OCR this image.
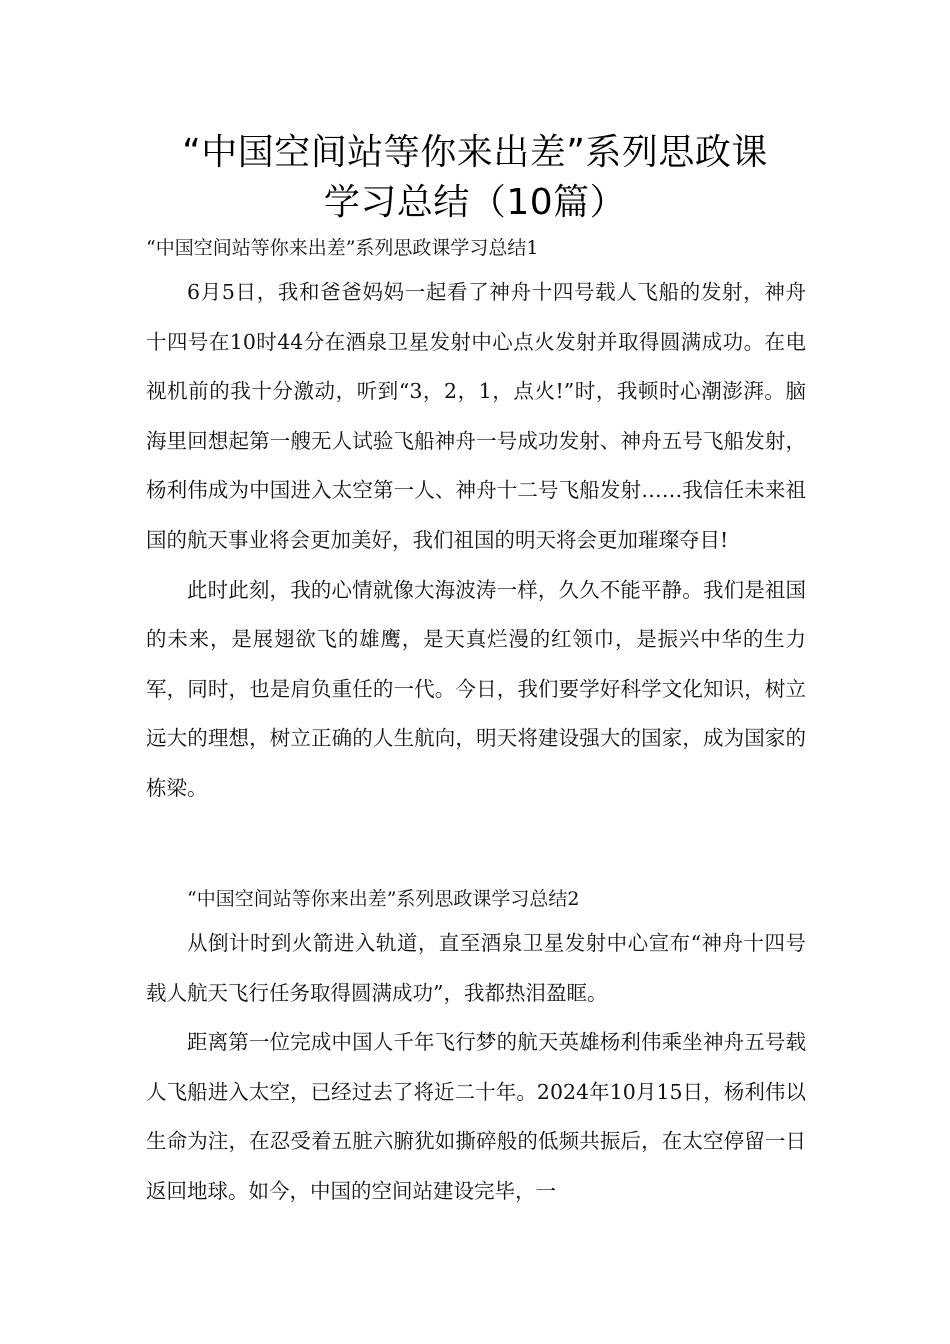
“中国空间站等你来出差”系列思政课
学习总结（10篇）

“中国空间站等你来出差”系列思政课学习总结1

6月5日，我和爸爸妈妈一起看了神舟十四号载人飞船的发射，神舟十四号在10时44分在酒泉卫星发射中心点火发射并取得圆满成功。在电视机前的我十分激动，听到“3，2，1，点火!”时，我顿时心潮澎湃。脑海里回想起第一艘无人试验飞船神舟一号成功发射、神舟五号飞船发射，杨利伟成为中国进入太空第一人、神舟十二号飞船发射……我信任未来祖国的航天事业将会更加美好，我们祖国的明天将会更加璀璨夺目!

此时此刻，我的心情就像大海波涛一样，久久不能平静。我们是祖国的未来，是展翅欲飞的雄鹰，是天真烂漫的红领巾，是振兴中华的生力军，同时，也是肩负重任的一代。今日，我们要学好科学文化知识，树立远大的理想，树立正确的人生航向，明天将建设强大的国家，成为国家的栋梁。

“中国空间站等你来出差”系列思政课学习总结2

从倒计时到火箭进入轨道，直至酒泉卫星发射中心宣布“神舟十四号载人航天飞行任务取得圆满成功”，我都热泪盈眶。

距离第一位完成中国人千年飞行梦的航天英雄杨利伟乘坐神舟五号载人飞船进入太空，已经过去了将近二十年。2024年10月15日，杨利伟以生命为注，在忍受着五脏六腑犹如撕碎般的低频共振后，在太空停留一日返回地球。如今，中国的空间站建设完毕，一
